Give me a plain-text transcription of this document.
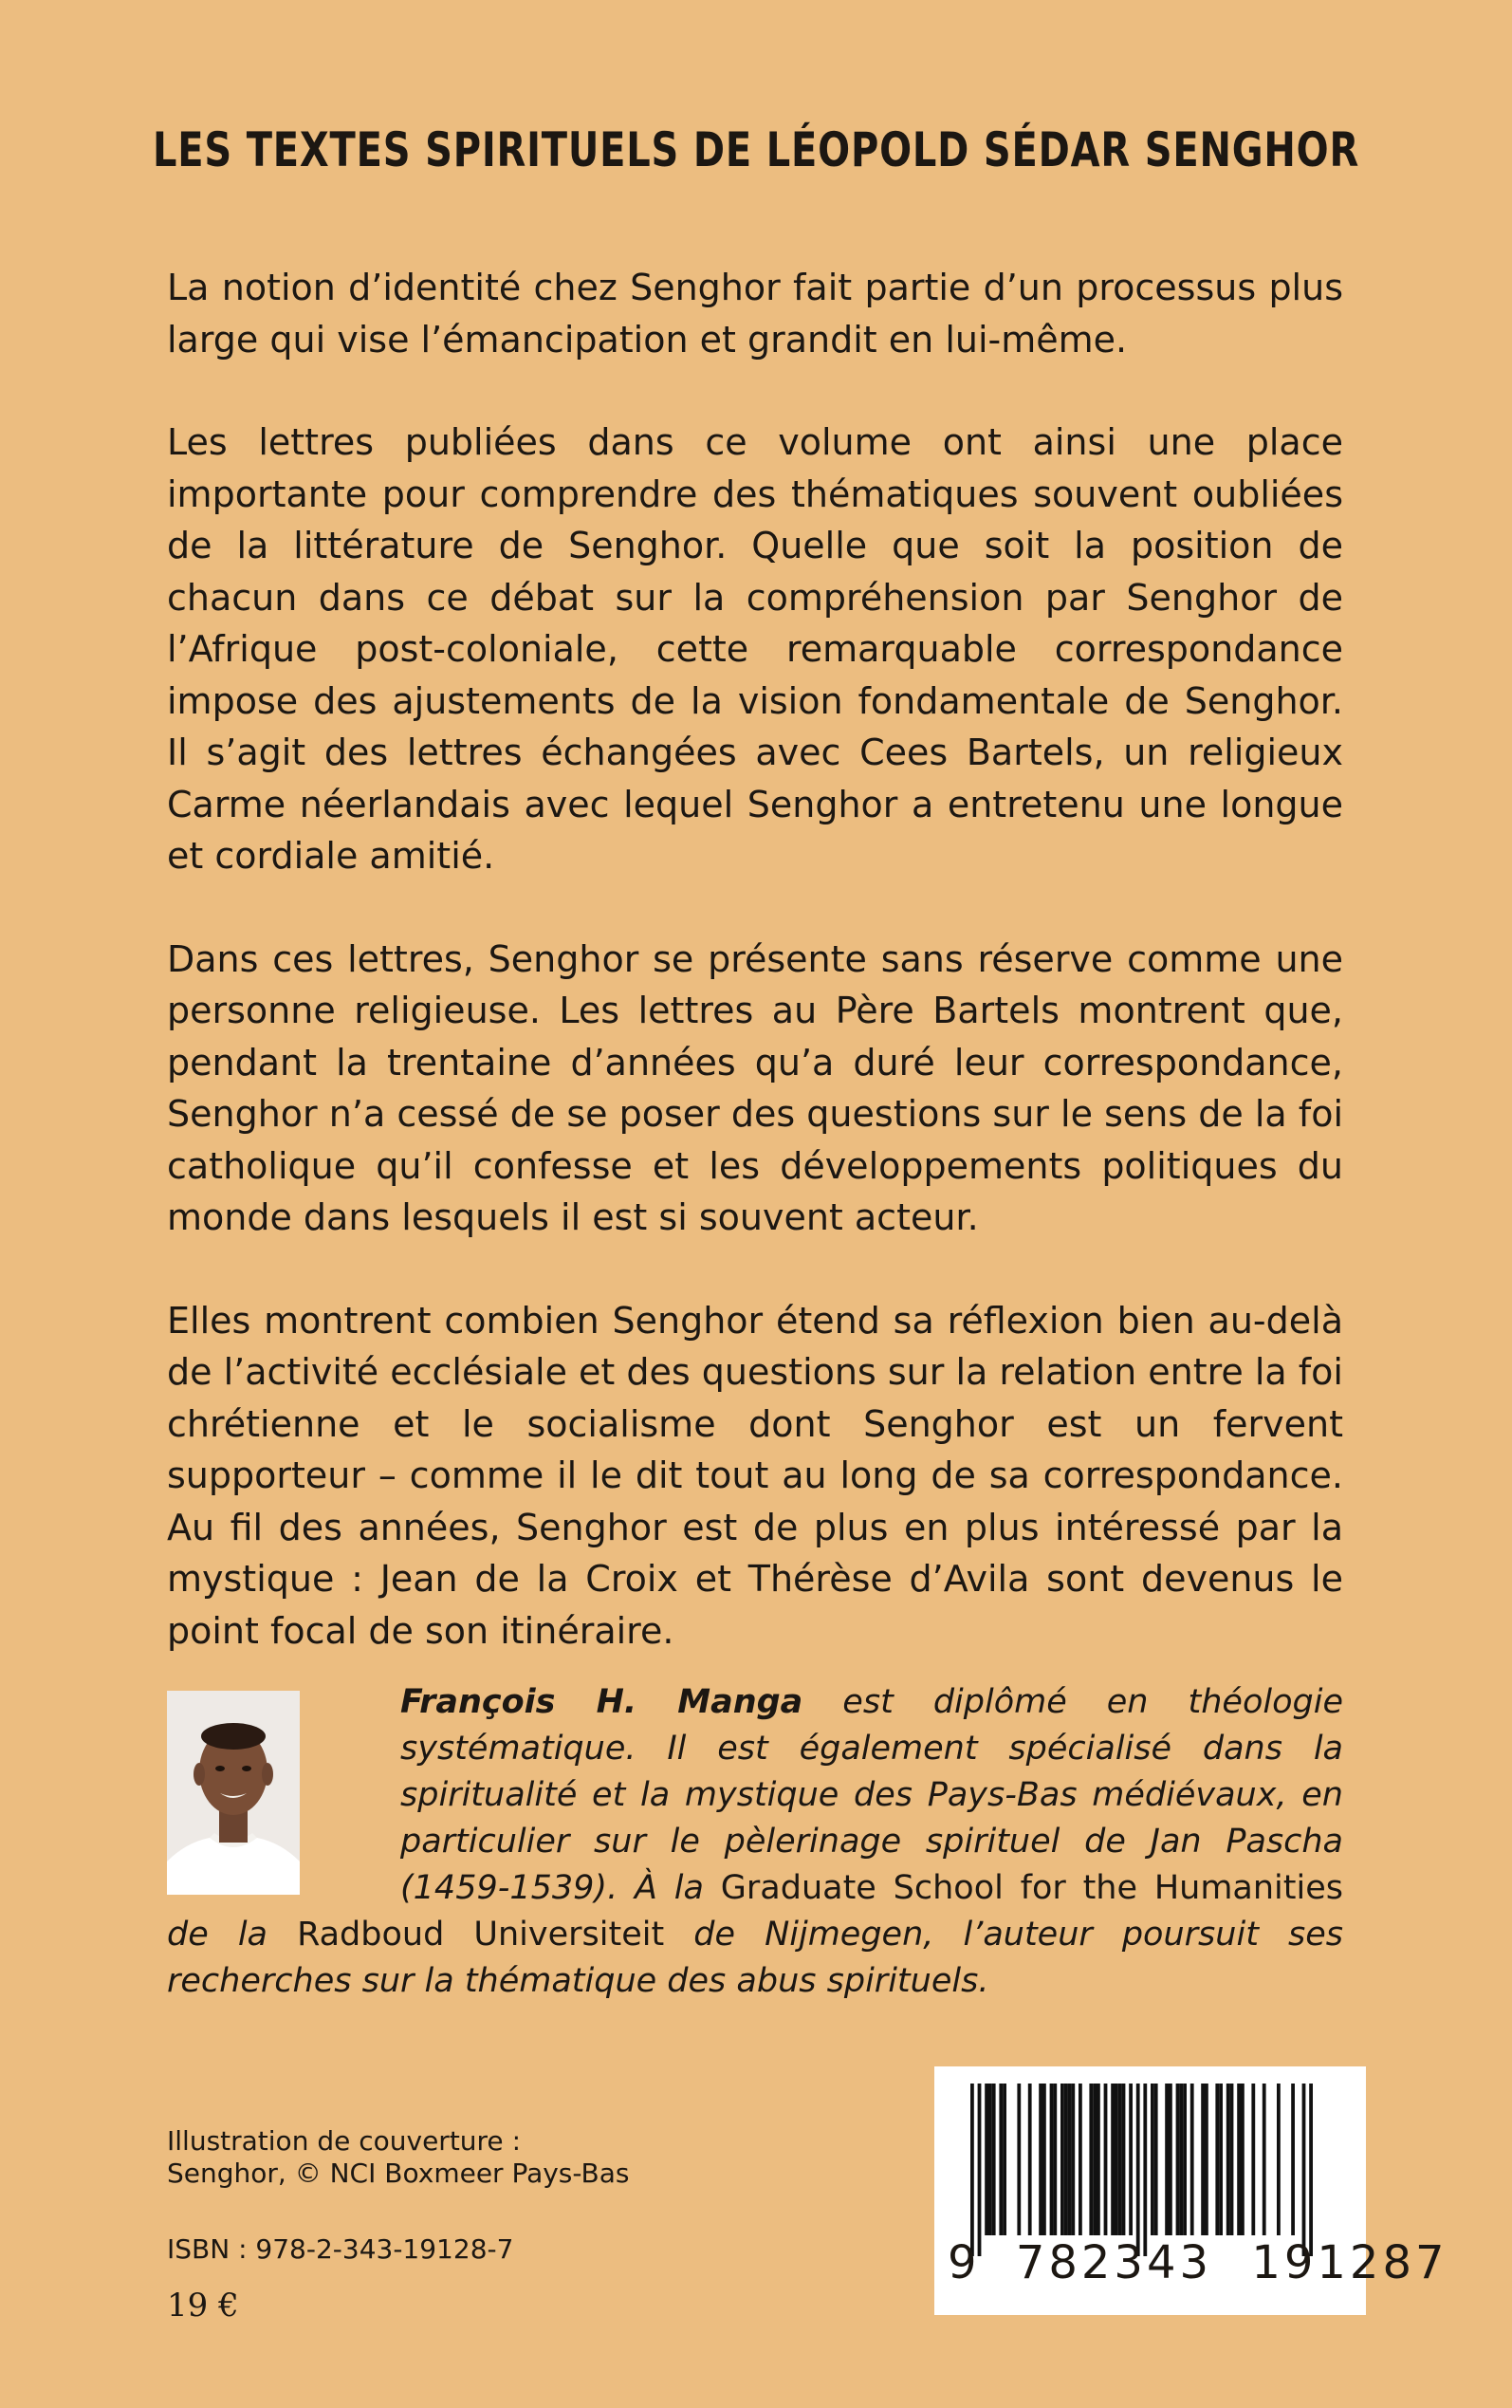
LES TEXTES SPIRITUELS DE LÉOPOLD SÉDAR SENGHOR

La notion d’identité chez Senghor fait partie d’un processus plus large qui vise l’émancipation et grandit en lui-même.

Les lettres publiées dans ce volume ont ainsi une place importante pour comprendre des thématiques souvent oubliées de la littérature de Senghor. Quelle que soit la position de chacun dans ce débat sur la compréhension par Senghor de l’Afrique post-coloniale, cette remarquable correspondance impose des ajustements de la vision fondamentale de Senghor. Il s’agit des lettres échangées avec Cees Bartels, un religieux Carme néerlandais avec lequel Senghor a entretenu une longue et cordiale amitié.

Dans ces lettres, Senghor se présente sans réserve comme une personne religieuse. Les lettres au Père Bartels montrent que, pendant la trentaine d’années qu’a duré leur correspondance, Senghor n’a cessé de se poser des questions sur le sens de la foi catholique qu’il confesse et les développements politiques du monde dans lesquels il est si souvent acteur.

Elles montrent combien Senghor étend sa réflexion bien au-delà de l’activité ecclésiale et des questions sur la relation entre la foi chrétienne et le socialisme dont Senghor est un fervent supporteur – comme il le dit tout au long de sa correspondance. Au fil des années, Senghor est de plus en plus intéressé par la mystique : Jean de la Croix et Thérèse d’Avila sont devenus le point focal de son itinéraire.

François H. Manga est diplômé en théologie systématique. Il est également spécialisé dans la spiritualité et la mystique des Pays-Bas médiévaux, en particulier sur le pèlerinage spirituel de Jan Pascha (1459-1539). À la Graduate School for the Humanities de la Radboud Universiteit de Nijmegen, l’auteur poursuit ses recherches sur la thématique des abus spirituels.
Illustration de couverture :
Senghor, © NCI Boxmeer Pays-Bas
ISBN : 978-2-343-19128-7
19 €
9 782343 191287
